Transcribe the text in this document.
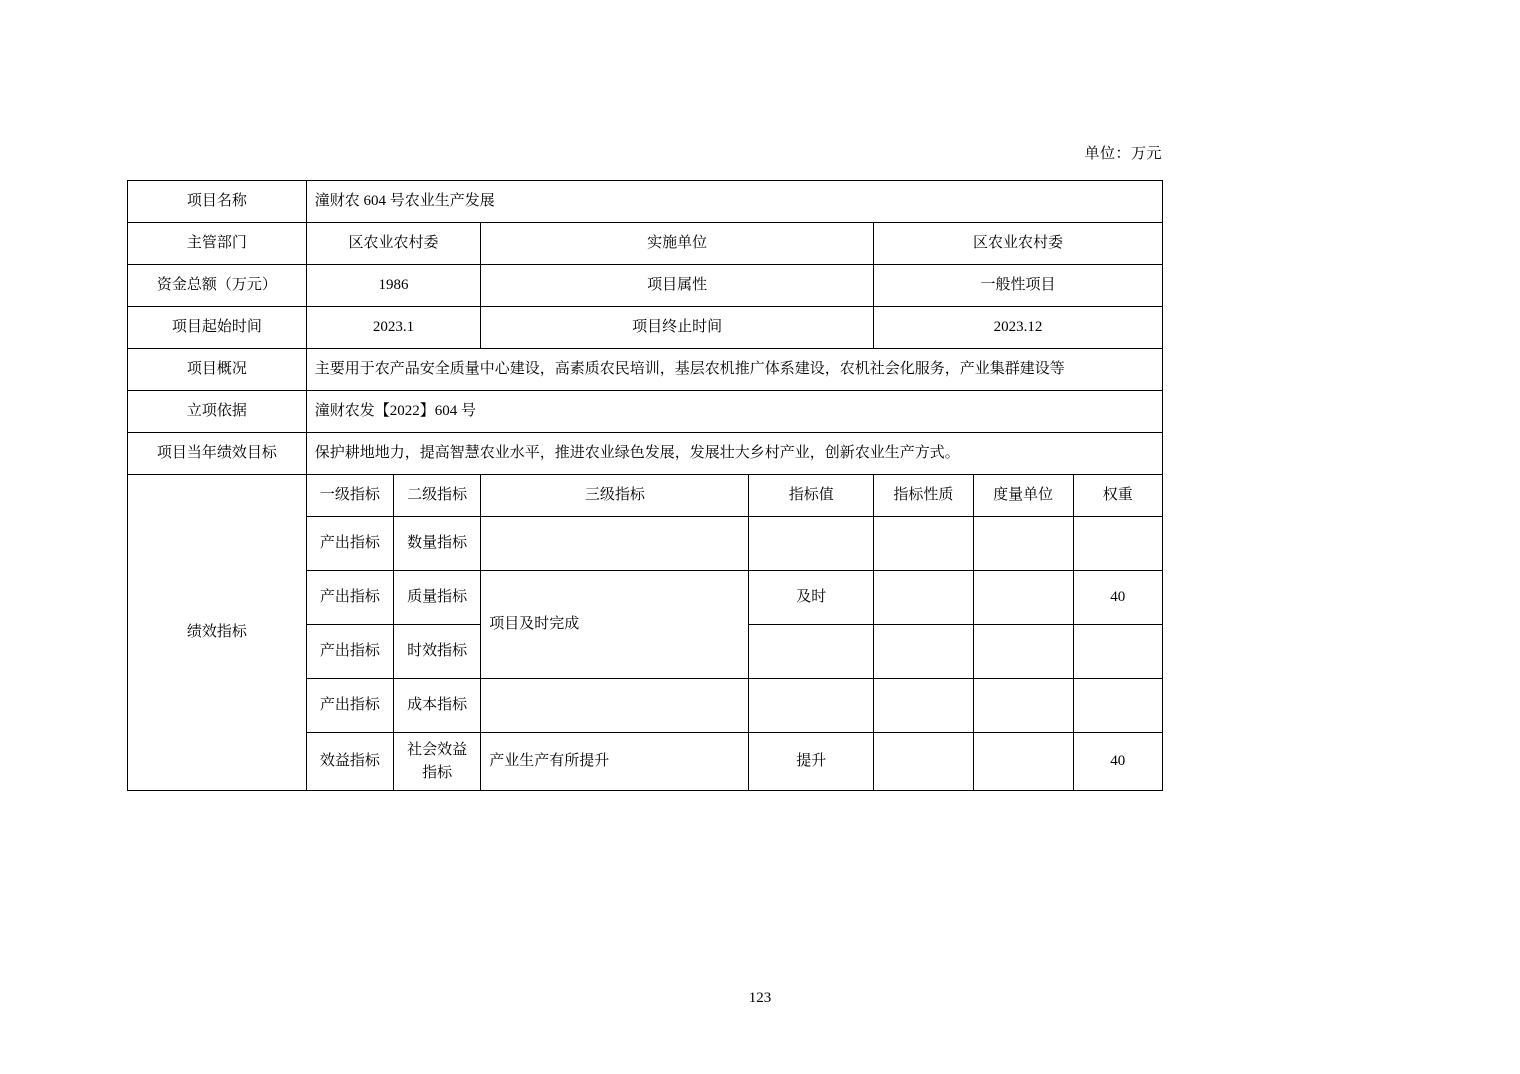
单位：万元
项目名称	潼财农 604 号农业生产发展						
主管部门	区农业农村委		实施单位		区农业农村委		
资金总额（万元）	1986		项目属性		一般性项目		
项目起始时间	2023.1		项目终止时间		2023.12		
项目概况	主要用于农产品安全质量中心建设，高素质农民培训，基层农机推广体系建设，农机社会化服务，产业集群建设等						
立项依据	潼财农发【2022】604 号						
项目当年绩效目标	保护耕地地力，提高智慧农业水平，推进农业绿色发展，发展壮大乡村产业，创新农业生产方式。						
绩效指标	一级指标	二级指标	三级指标	指标值	指标性质	度量单位	权重
	产出指标	数量指标					
	产出指标	质量指标	项目及时完成	及时			40
	产出指标	时效指标					
	产出指标	成本指标					
	效益指标	社会效益指标	产业生产有所提升	提升			40
123
